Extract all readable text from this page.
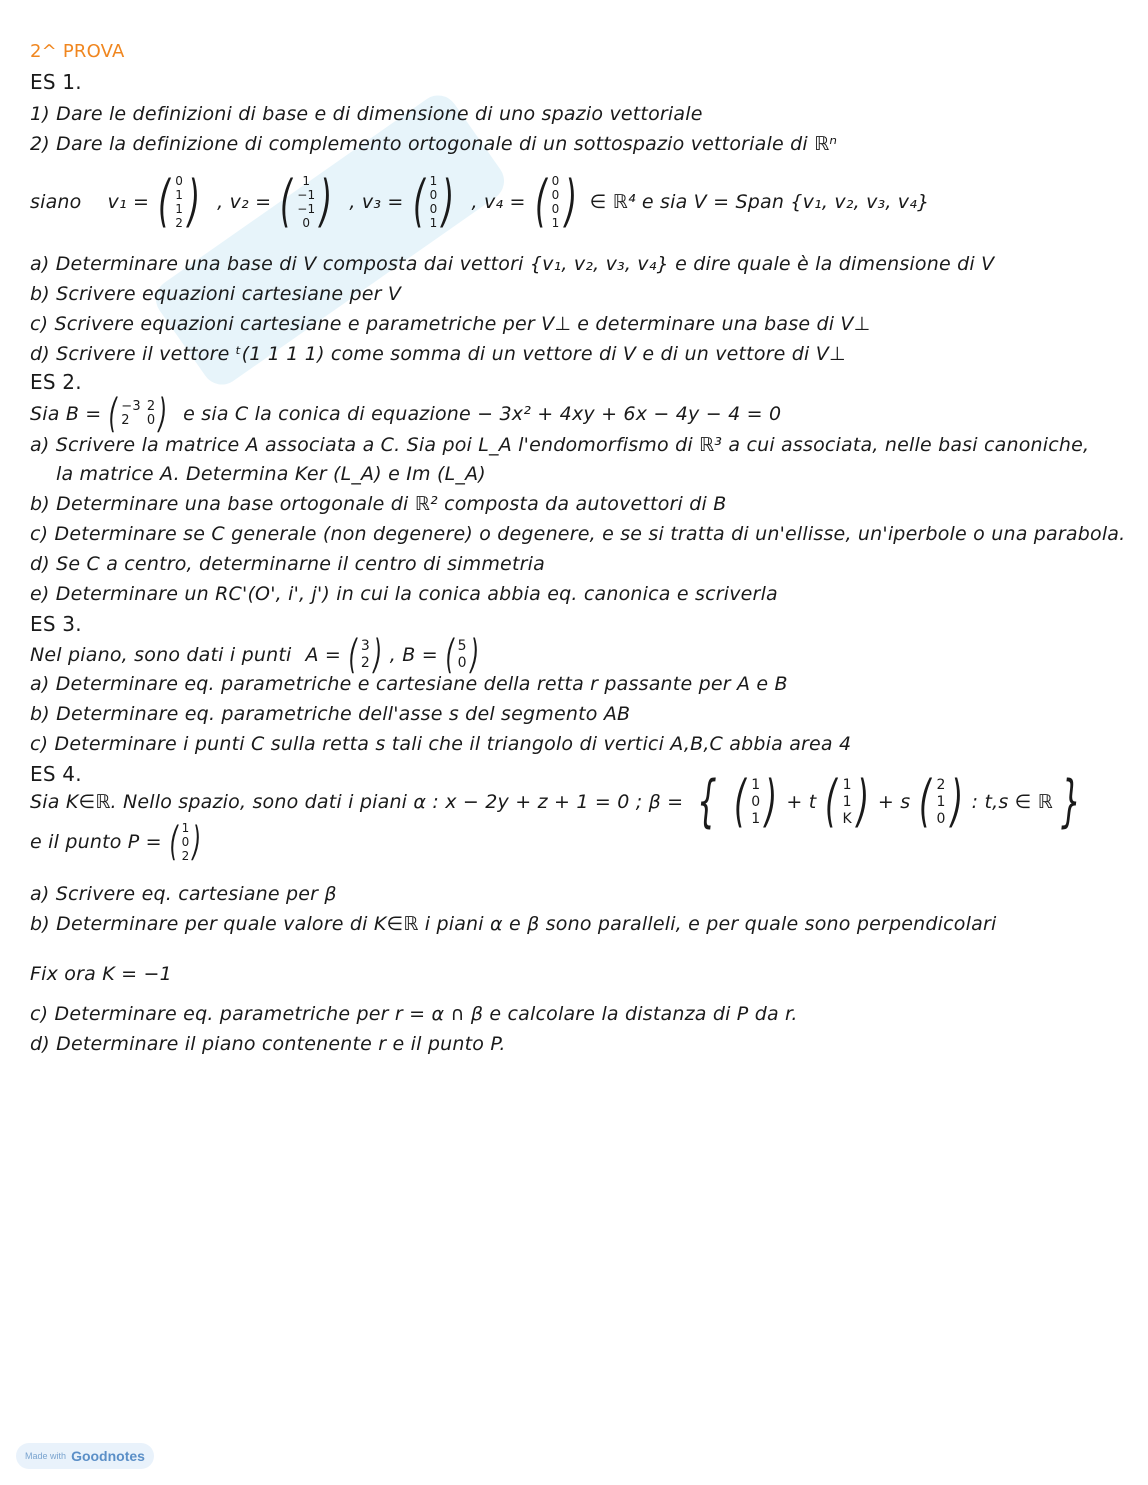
2^ PROVA
ES 1.
1) Dare le definizioni di base e di dimensione di uno spazio vettoriale
2) Dare la definizione di complemento ortogonale di un sottospazio vettoriale di ℝⁿ
siano v₁ = ( 0
1
1
2 ) , v₂ = ( 1
−1
−1
0 ) , v₃ = ( 1
0
0
1 ) , v₄ = ( 0
0
0
1 ) ∈ ℝ⁴ e sia V = Span {v₁, v₂, v₃, v₄}
a) Determinare una base di V composta dai vettori {v₁, v₂, v₃, v₄} e dire quale è la dimensione di V
b) Scrivere equazioni cartesiane per V
c) Scrivere equazioni cartesiane e parametriche per V⊥ e determinare una base di V⊥
d) Scrivere il vettore ᵗ(1 1 1 1) come somma di un vettore di V e di un vettore di V⊥
ES 2.
Sia B = ( −3 2
2	0 ) e sia C la conica di equazione − 3x² + 4xy + 6x − 4y − 4 = 0
a) Scrivere la matrice A associata a C. Sia poi L_A l'endomorfismo di ℝ³ a cui associata, nelle basi canoniche,
la matrice A. Determina Ker (L_A) e Im (L_A)
b) Determinare una base ortogonale di ℝ² composta da autovettori di B
c) Determinare se C generale (non degenere) o degenere, e se si tratta di un'ellisse, un'iperbole o una parabola.
d) Se C a centro, determinarne il centro di simmetria
e) Determinare un RC'(O', i', j') in cui la conica abbia eq. canonica e scriverla
ES 3.
Nel piano, sono dati i punti A = ( 3
2 ) , B = ( 5
0 )
a) Determinare eq. parametriche e cartesiane della retta r passante per A e B
b) Determinare eq. parametriche dell'asse s del segmento AB
c) Determinare i punti C sulla retta s tali che il triangolo di vertici A,B,C abbia area 4
ES 4.
Sia K∈ℝ. Nello spazio, sono dati i piani α : x − 2y + z + 1 = 0 ; β = { ( 1
0
1 ) + t ( 1
1
K ) + s ( 2
1
0 ) : t,s ∈ ℝ }
e il punto P = ( 1
0
2 )
a) Scrivere eq. cartesiane per β
b) Determinare per quale valore di K∈ℝ i piani α e β sono paralleli, e per quale sono perpendicolari
Fix ora K = −1
c) Determinare eq. parametriche per r = α ∩ β e calcolare la distanza di P da r.
d) Determinare il piano contenente r e il punto P.
Made with Goodnotes
